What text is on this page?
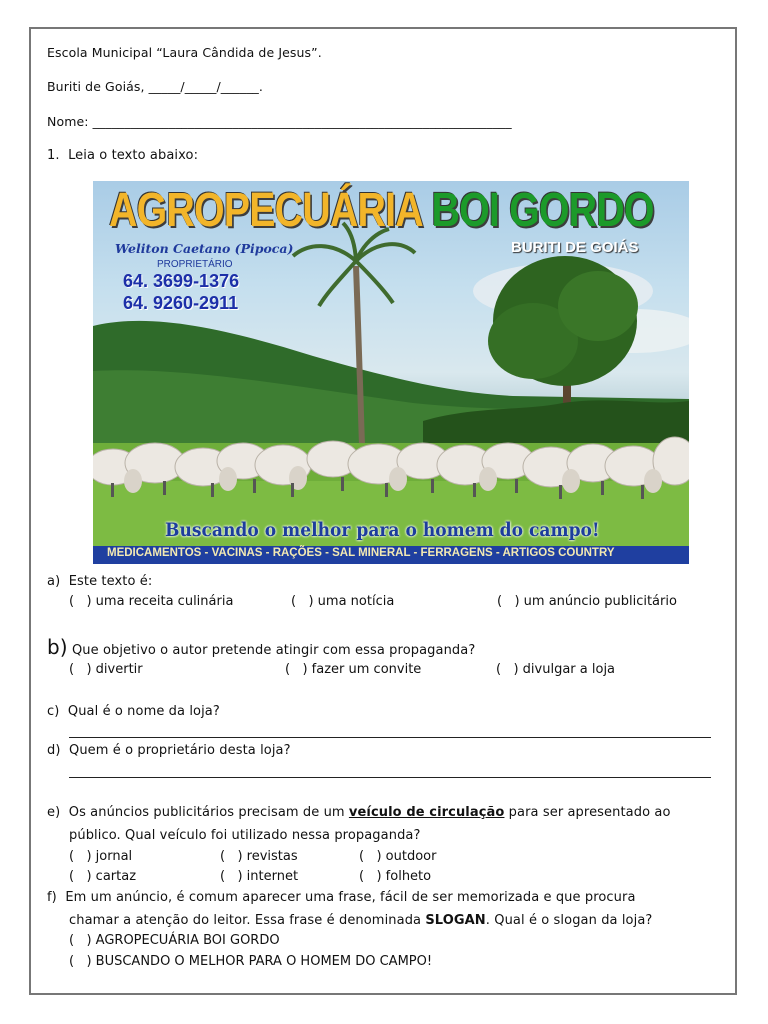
Escola Municipal “Laura Cândida de Jesus”.
Buriti de Goiás, _____/_____/______.
Nome: __________________________________________________________________
1.  Leia o texto abaixo:
AGROPECUÁRIA BOI GORDO
BURITI DE GOIÁS
Weliton Caetano (Pipoca)
PROPRIETÁRIO
64. 3699-1376
64. 9260-2911
Buscando o melhor para o homem do campo!
MEDICAMENTOS - VACINAS - RAÇÕES - SAL MINERAL - FERRAGENS - ARTIGOS COUNTRY
a)  Este texto é:
(   ) uma receita culinária	(   ) uma notícia	(   ) um anúncio publicitário
b) Que objetivo o autor pretende atingir com essa propaganda?
(   ) divertir	(   ) fazer um convite	(   ) divulgar a loja
c)  Qual é o nome da loja?
d)  Quem é o proprietário desta loja?
e)  Os anúncios publicitários precisam de um veículo de circulação para ser apresentado ao
público. Qual veículo foi utilizado nessa propaganda?
(   ) jornal	(   ) revistas	(   ) outdoor
(   ) cartaz	(   ) internet	(   ) folheto
f)  Em um anúncio, é comum aparecer uma frase, fácil de ser memorizada e que procura
chamar a atenção do leitor. Essa frase é denominada SLOGAN. Qual é o slogan da loja?
(   ) AGROPECUÁRIA BOI GORDO
(   ) BUSCANDO O MELHOR PARA O HOMEM DO CAMPO!
